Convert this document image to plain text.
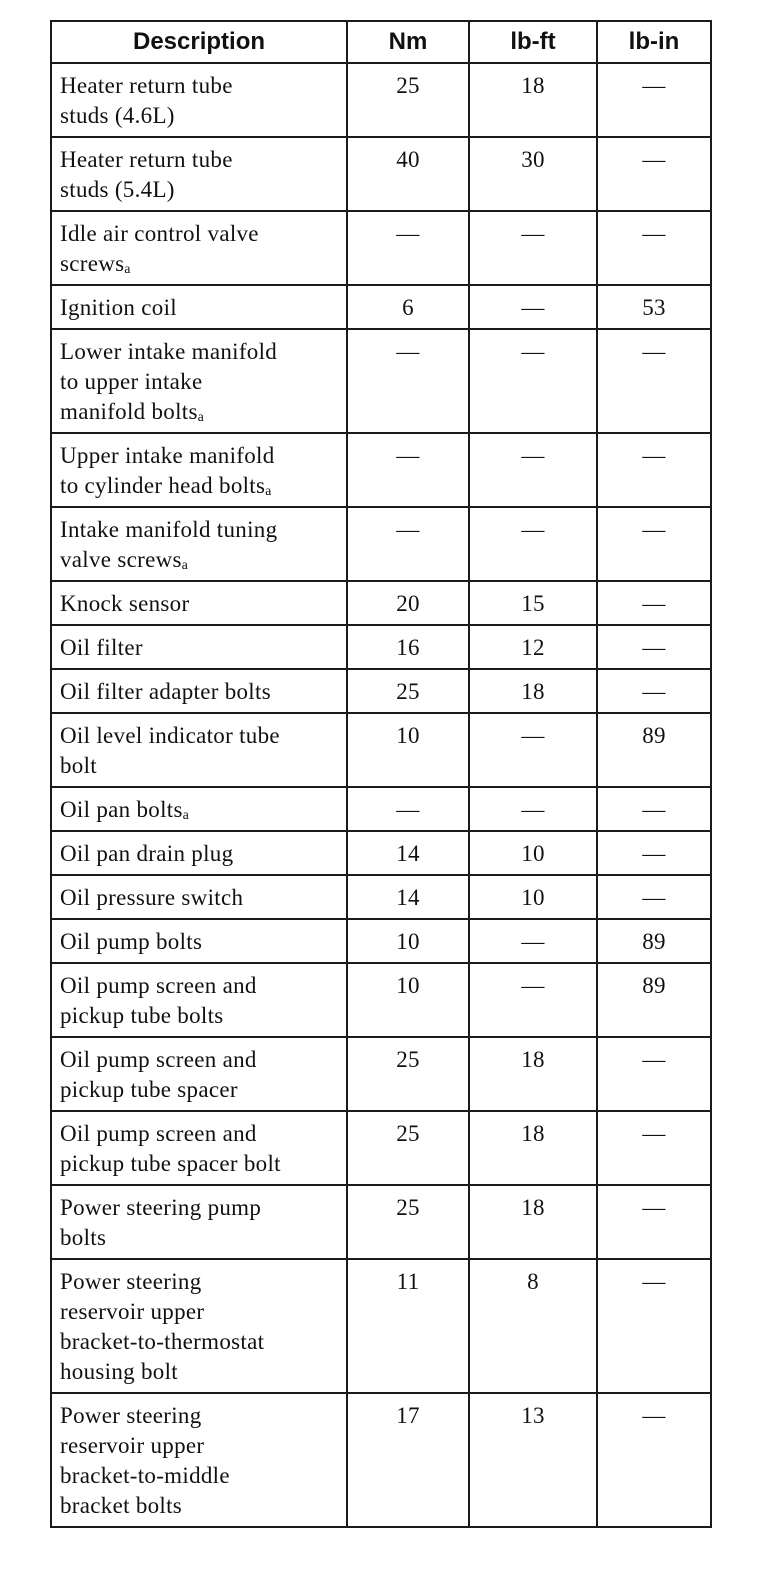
Description	Nm	lb-ft	lb-in
Heater return tube
studs (4.6L)	25	18	—
Heater return tube
studs (5.4L)	40	30	—
Idle air control valve
screwsₐ	—	—	—
Ignition coil	6	—	53
Lower intake manifold
to upper intake
manifold boltsₐ	—	—	—
Upper intake manifold
to cylinder head boltsₐ	—	—	—
Intake manifold tuning
valve screwsₐ	—	—	—
Knock sensor	20	15	—
Oil filter	16	12	—
Oil filter adapter bolts	25	18	—
Oil level indicator tube
bolt	10	—	89
Oil pan boltsₐ	—	—	—
Oil pan drain plug	14	10	—
Oil pressure switch	14	10	—
Oil pump bolts	10	—	89
Oil pump screen and
pickup tube bolts	10	—	89
Oil pump screen and
pickup tube spacer	25	18	—
Oil pump screen and
pickup tube spacer bolt	25	18	—
Power steering pump
bolts	25	18	—
Power steering
reservoir upper
bracket-to-thermostat
housing bolt	11	8	—
Power steering
reservoir upper
bracket-to-middle
bracket bolts	17	13	—
